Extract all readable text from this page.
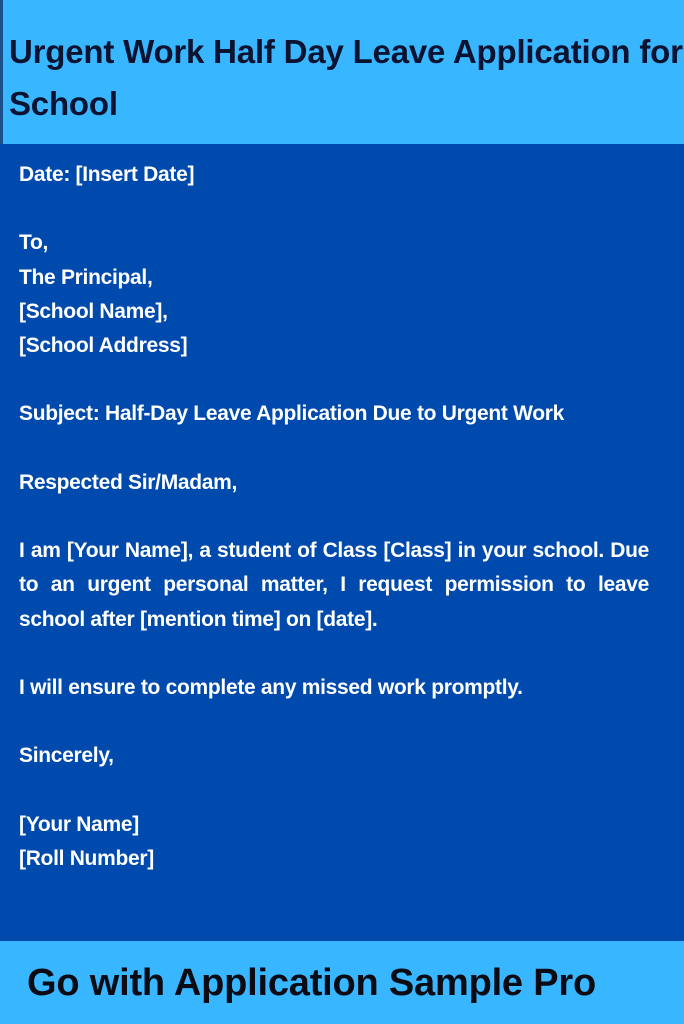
Urgent Work Half Day Leave Application for School

Date: [Insert Date]

To,

The Principal,

[School Name],

[School Address]

Subject: Half-Day Leave Application Due to Urgent Work

Respected Sir/Madam,

I am [Your Name], a student of Class [Class] in your school. Due to an urgent personal matter, I request permission to leave school after [mention time] on [date].

I will ensure to complete any missed work promptly.

Sincerely,

[Your Name]

[Roll Number]

Go with Application Sample Pro
